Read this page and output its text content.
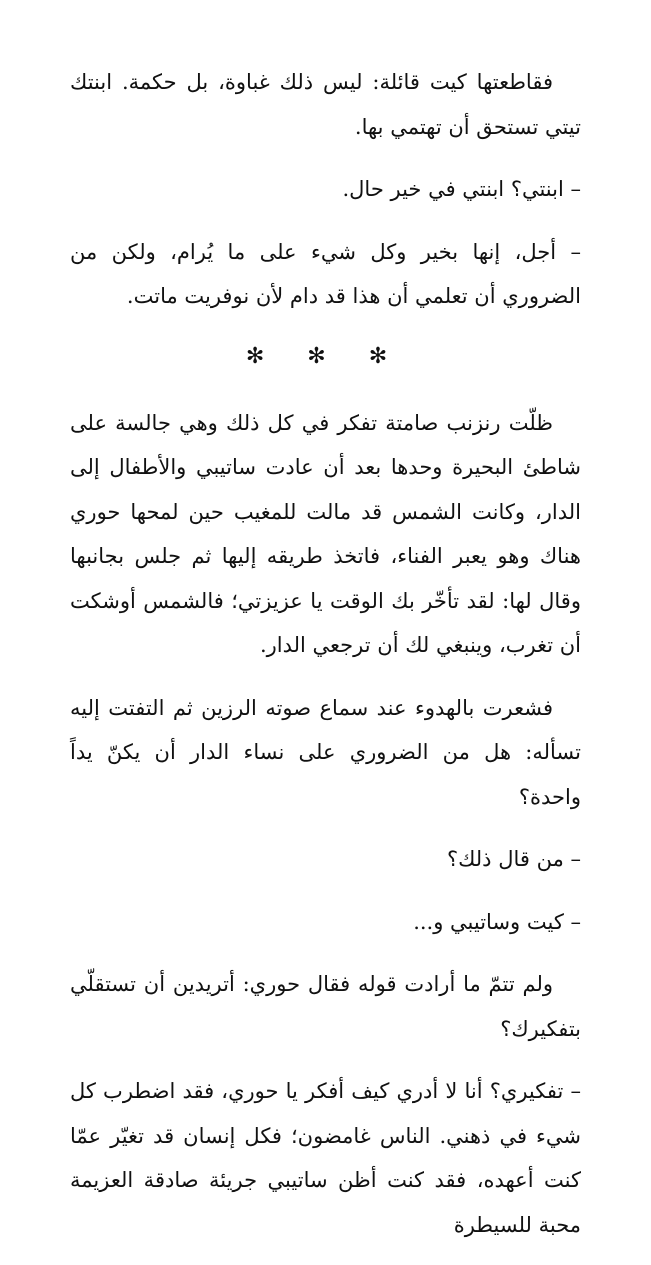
فقاطعتها كيت قائلة: ليس ذلك غباوة، بل حكمة. ابنتك تيتي تستحق أن تهتمي بها.

– ابنتي؟ ابنتي في خير حال.

– أجل، إنها بخير وكل شيء على ما يُرام، ولكن من الضروري أن تعلمي أن هذا قد دام لأن نوفريت ماتت.

✻ ✻ ✻

ظلّت رنزنب صامتة تفكر في كل ذلك وهي جالسة على شاطئ البحيرة وحدها بعد أن عادت ساتيبي والأطفال إلى الدار، وكانت الشمس قد مالت للمغيب حين لمحها حوري هناك وهو يعبر الفناء، فاتخذ طريقه إليها ثم جلس بجانبها وقال لها: لقد تأخّر بك الوقت يا عزيزتي؛ فالشمس أوشكت أن تغرب، وينبغي لك أن ترجعي الدار.

فشعرت بالهدوء عند سماع صوته الرزين ثم التفتت إليه تسأله: هل من الضروري على نساء الدار أن يكنّ يداً واحدة؟

– من قال ذلك؟

– كيت وساتيبي و...

ولم تتمّ ما أرادت قوله فقال حوري: أتريدين أن تستقلّي بتفكيرك؟

– تفكيري؟ أنا لا أدري كيف أفكر يا حوري، فقد اضطرب كل شيء في ذهني. الناس غامضون؛ فكل إنسان قد تغيّر عمّا كنت أعهده، فقد كنت أظن ساتيبي جريئة صادقة العزيمة محبة للسيطرة
